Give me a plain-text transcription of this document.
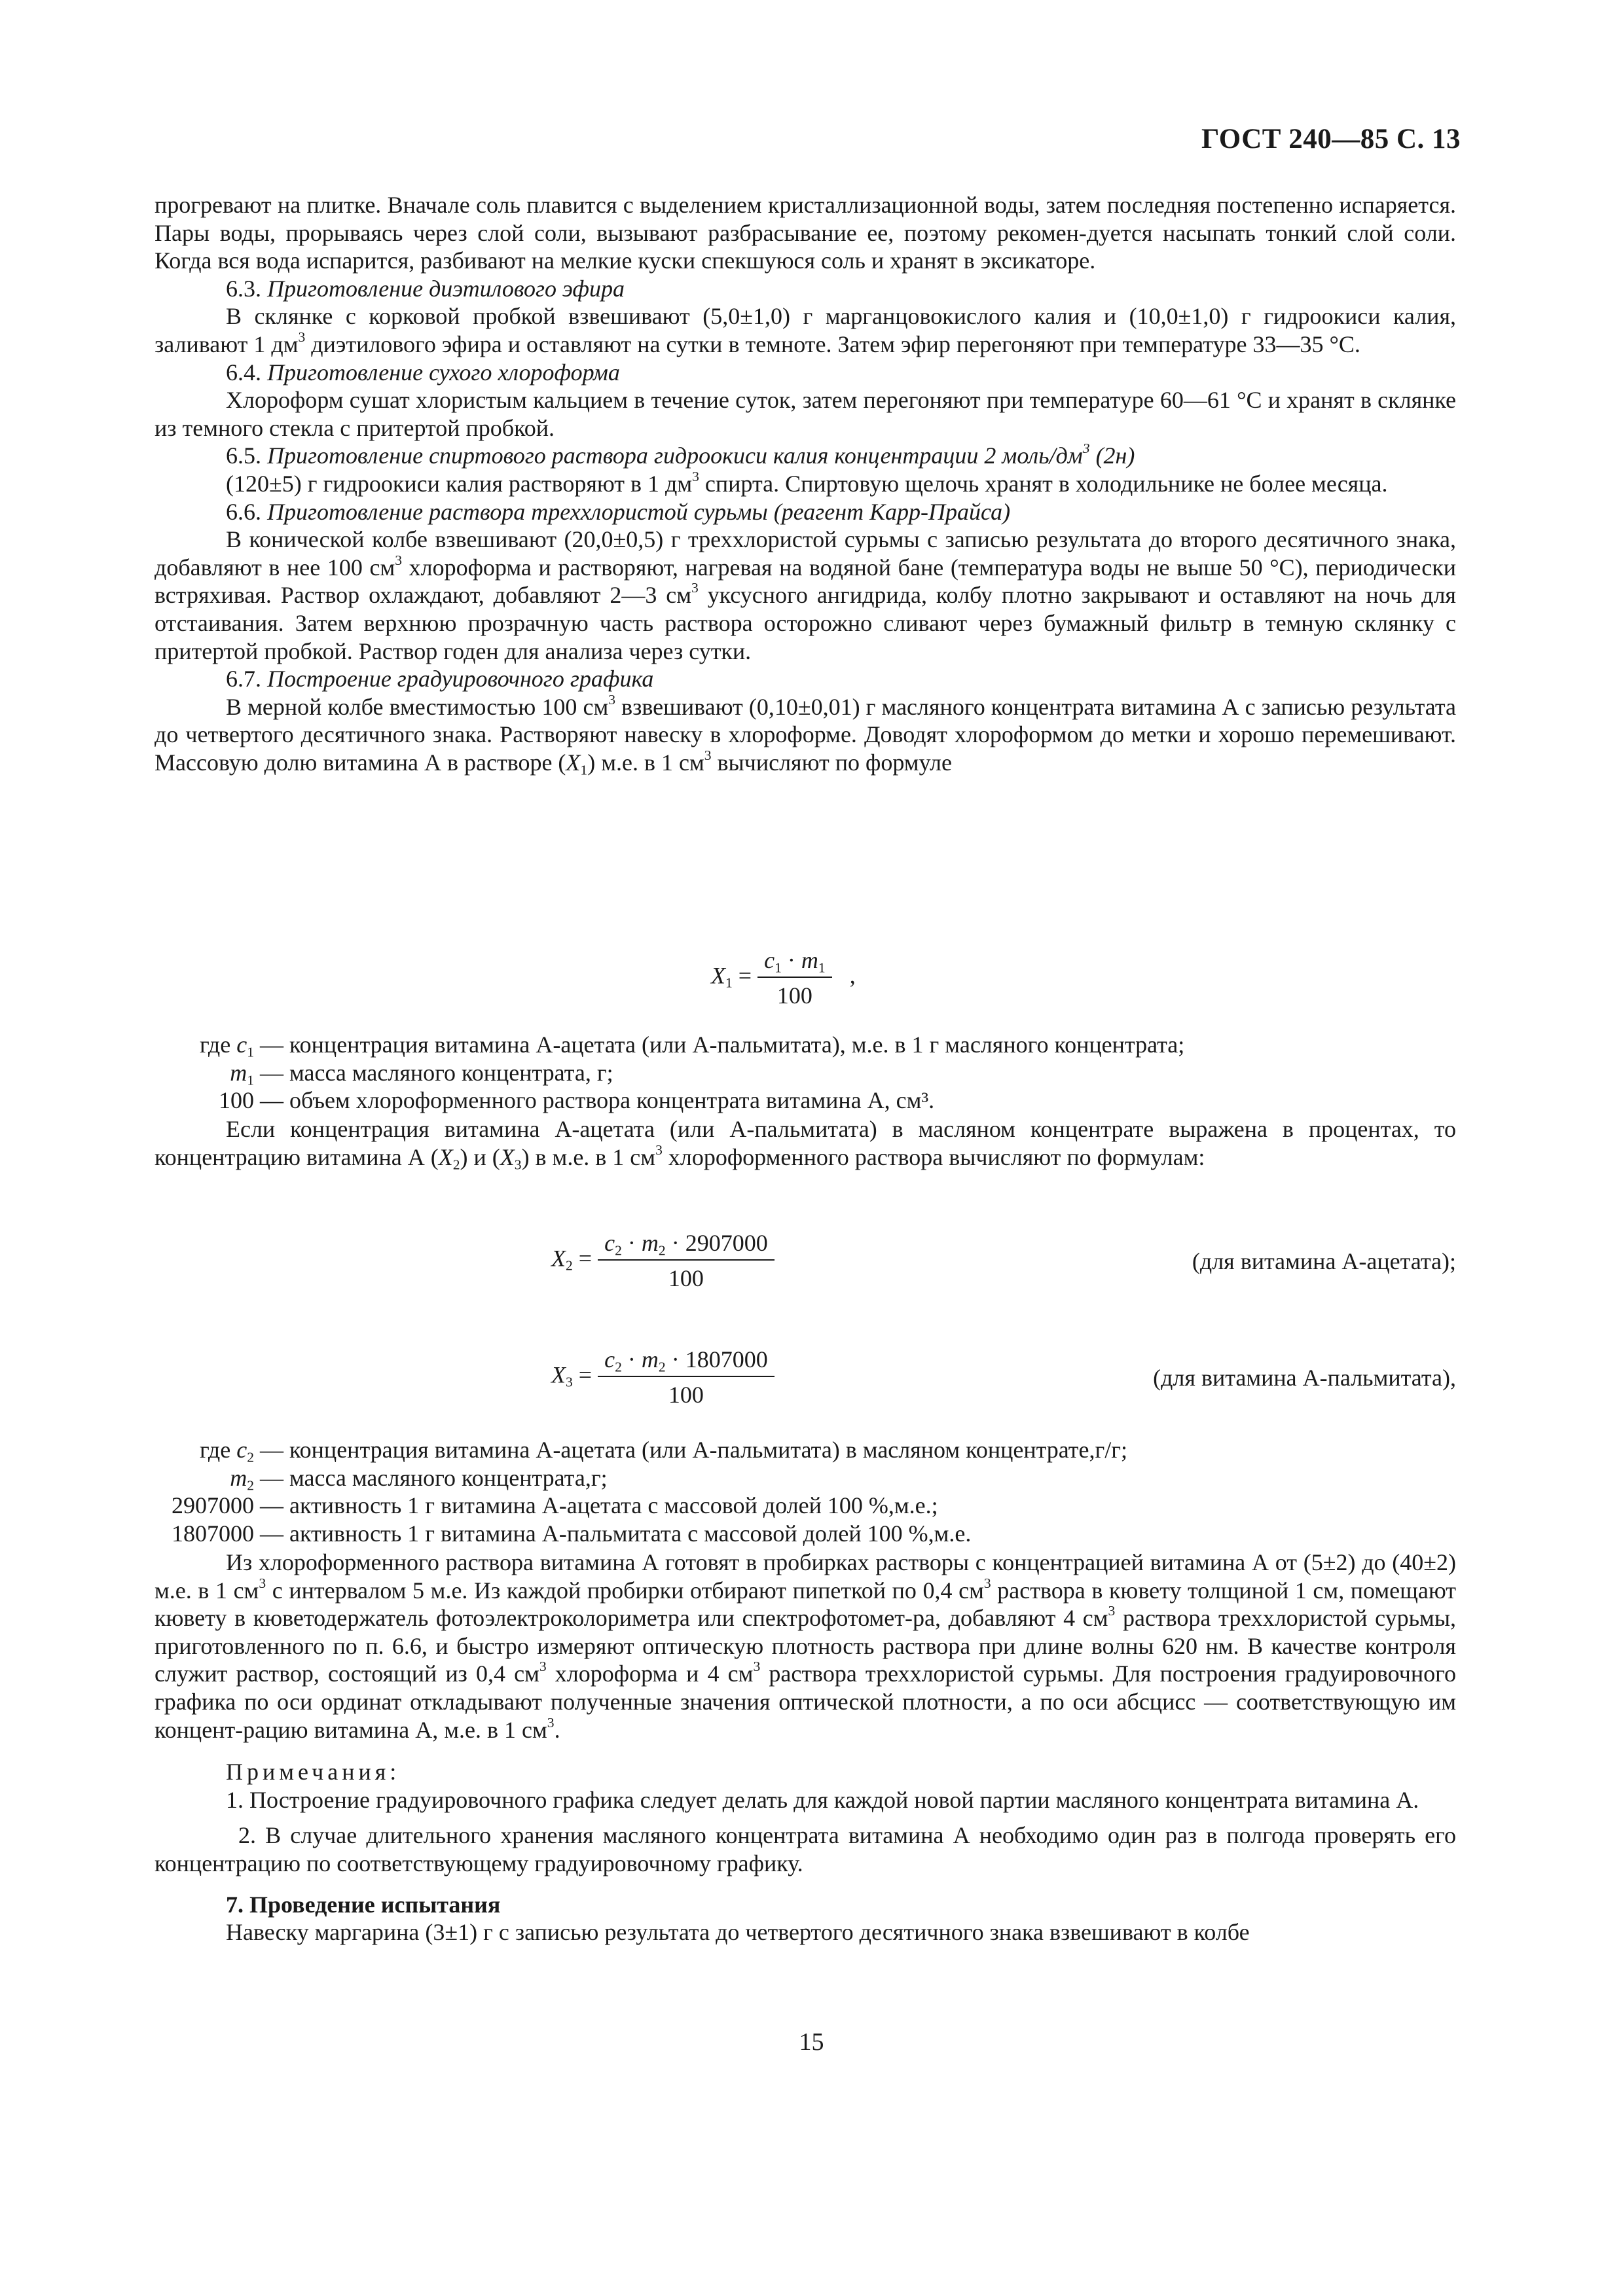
ГОСТ 240—85 С. 13

прогревают на плитке. Вначале соль плавится с выделением кристаллизационной воды, затем последняя постепенно испаряется. Пары воды, прорываясь через слой соли, вызывают разбрасывание ее, поэтому рекомен-дуется насыпать тонкий слой соли. Когда вся вода испарится, разбивают на мелкие куски спекшуюся соль и хранят в эксикаторе.

6.3. Приготовление диэтилового эфира

В склянке с корковой пробкой взвешивают (5,0±1,0) г марганцовокислого калия и (10,0±1,0) г гидроокиси калия, заливают 1 $дм^3$ диэтилового эфира и оставляют на сутки в темноте. Затем эфир перегоняют при температуре 33—35 °С.

6.4. Приготовление сухого хлороформа

Хлороформ сушат хлористым кальцием в течение суток, затем перегоняют при температуре 60—61 °С и хранят в склянке из темного стекла с притертой пробкой.

6.5. Приготовление спиртового раствора гидроокиси калия концентрации 2 моль/$дм^3$ (2н)

(120±5) г гидроокиси калия растворяют в 1 $дм^3$ спирта. Спиртовую щелочь хранят в холодильнике не более месяца.

6.6. Приготовление раствора треххлористой сурьмы (реагент Карр-Прайса)

В конической колбе взвешивают (20,0±0,5) г треххлористой сурьмы с записью результата до второго десятичного знака, добавляют в нее 100 $см^3$ хлороформа и растворяют, нагревая на водяной бане (температура воды не выше 50 °С), периодически встряхивая. Раствор охлаждают, добавляют 2—3 $см^3$ уксусного ангидрида, колбу плотно закрывают и оставляют на ночь для отстаивания. Затем верхнюю прозрачную часть раствора осторожно сливают через бумажный фильтр в темную склянку с притертой пробкой. Раствор годен для анализа через сутки.

6.7. Построение градуировочного графика

В мерной колбе вместимостью 100 $см^3$ взвешивают (0,10±0,01) г масляного концентрата витамина А с записью результата до четвертого десятичного знака. Растворяют навеску в хлороформе. Доводят хлороформом до метки и хорошо перемешивают. Массовую долю витамина А в растворе $(X_1)$ м.е. в 1 $см^3$ вычисляют по формуле

$X_1 = \frac{c_1 \cdot m_1}{100}$ ,
где $c_1$ — концентрация витамина А-ацетата (или А-пальмитата), м.е. в 1 г масляного концентрата;
$m_1$ — масса масляного концентрата, г;
100 — объем хлороформенного раствора концентрата витамина А, см³.

Если концентрация витамина А-ацетата (или А-пальмитата) в масляном концентрате выражена в процентах, то концентрацию витамина А $(X_2)$ и $(X_3)$ в м.е. в 1 $см^3$ хлороформенного раствора вычисляют по формулам:

$X_2 = \frac{c_2 \cdot m_2 \cdot 2907000}{100}$	(для витамина А-ацетата);
$X_3 = \frac{c_2 \cdot m_2 \cdot 1807000}{100}$	(для витамина А-пальмитата),
где $c_2$ — концентрация витамина А-ацетата (или А-пальмитата) в масляном концентрате,г/г;
$m_2$ — масса масляного концентрата,г;
2907000 — активность 1 г витамина А-ацетата с массовой долей 100 %,м.е.;
1807000 — активность 1 г витамина А-пальмитата с массовой долей 100 %,м.е.

Из хлороформенного раствора витамина А готовят в пробирках растворы с концентрацией витамина А от (5±2) до (40±2) м.е. в 1 $см^3$ с интервалом 5 м.е. Из каждой пробирки отбирают пипеткой по 0,4 $см^3$ раствора в кювету толщиной 1 см, помещают кювету в кюветодержатель фотоэлектроколориметра или спектрофотомет-ра, добавляют 4 $см^3$ раствора треххлористой сурьмы, приготовленного по п. 6.6, и быстро измеряют оптическую плотность раствора при длине волны 620 нм. В качестве контроля служит раствор, состоящий из 0,4 $см^3$ хлороформа и 4 $см^3$ раствора треххлористой сурьмы. Для построения градуировочного графика по оси ординат откладывают полученные значения оптической плотности, а по оси абсцисс — соответствующую им концент-рацию витамина А, м.е. в 1 $см^3$.

Примечания:

1. Построение градуировочного графика следует делать для каждой новой партии масляного концентрата витамина А.

2. В случае длительного хранения масляного концентрата витамина А необходимо один раз в полгода проверять его концентрацию по соответствующему градуировочному графику.

7. Проведение испытания

Навеску маргарина (3±1) г с записью результата до четвертого десятичного знака взвешивают в колбе

15
